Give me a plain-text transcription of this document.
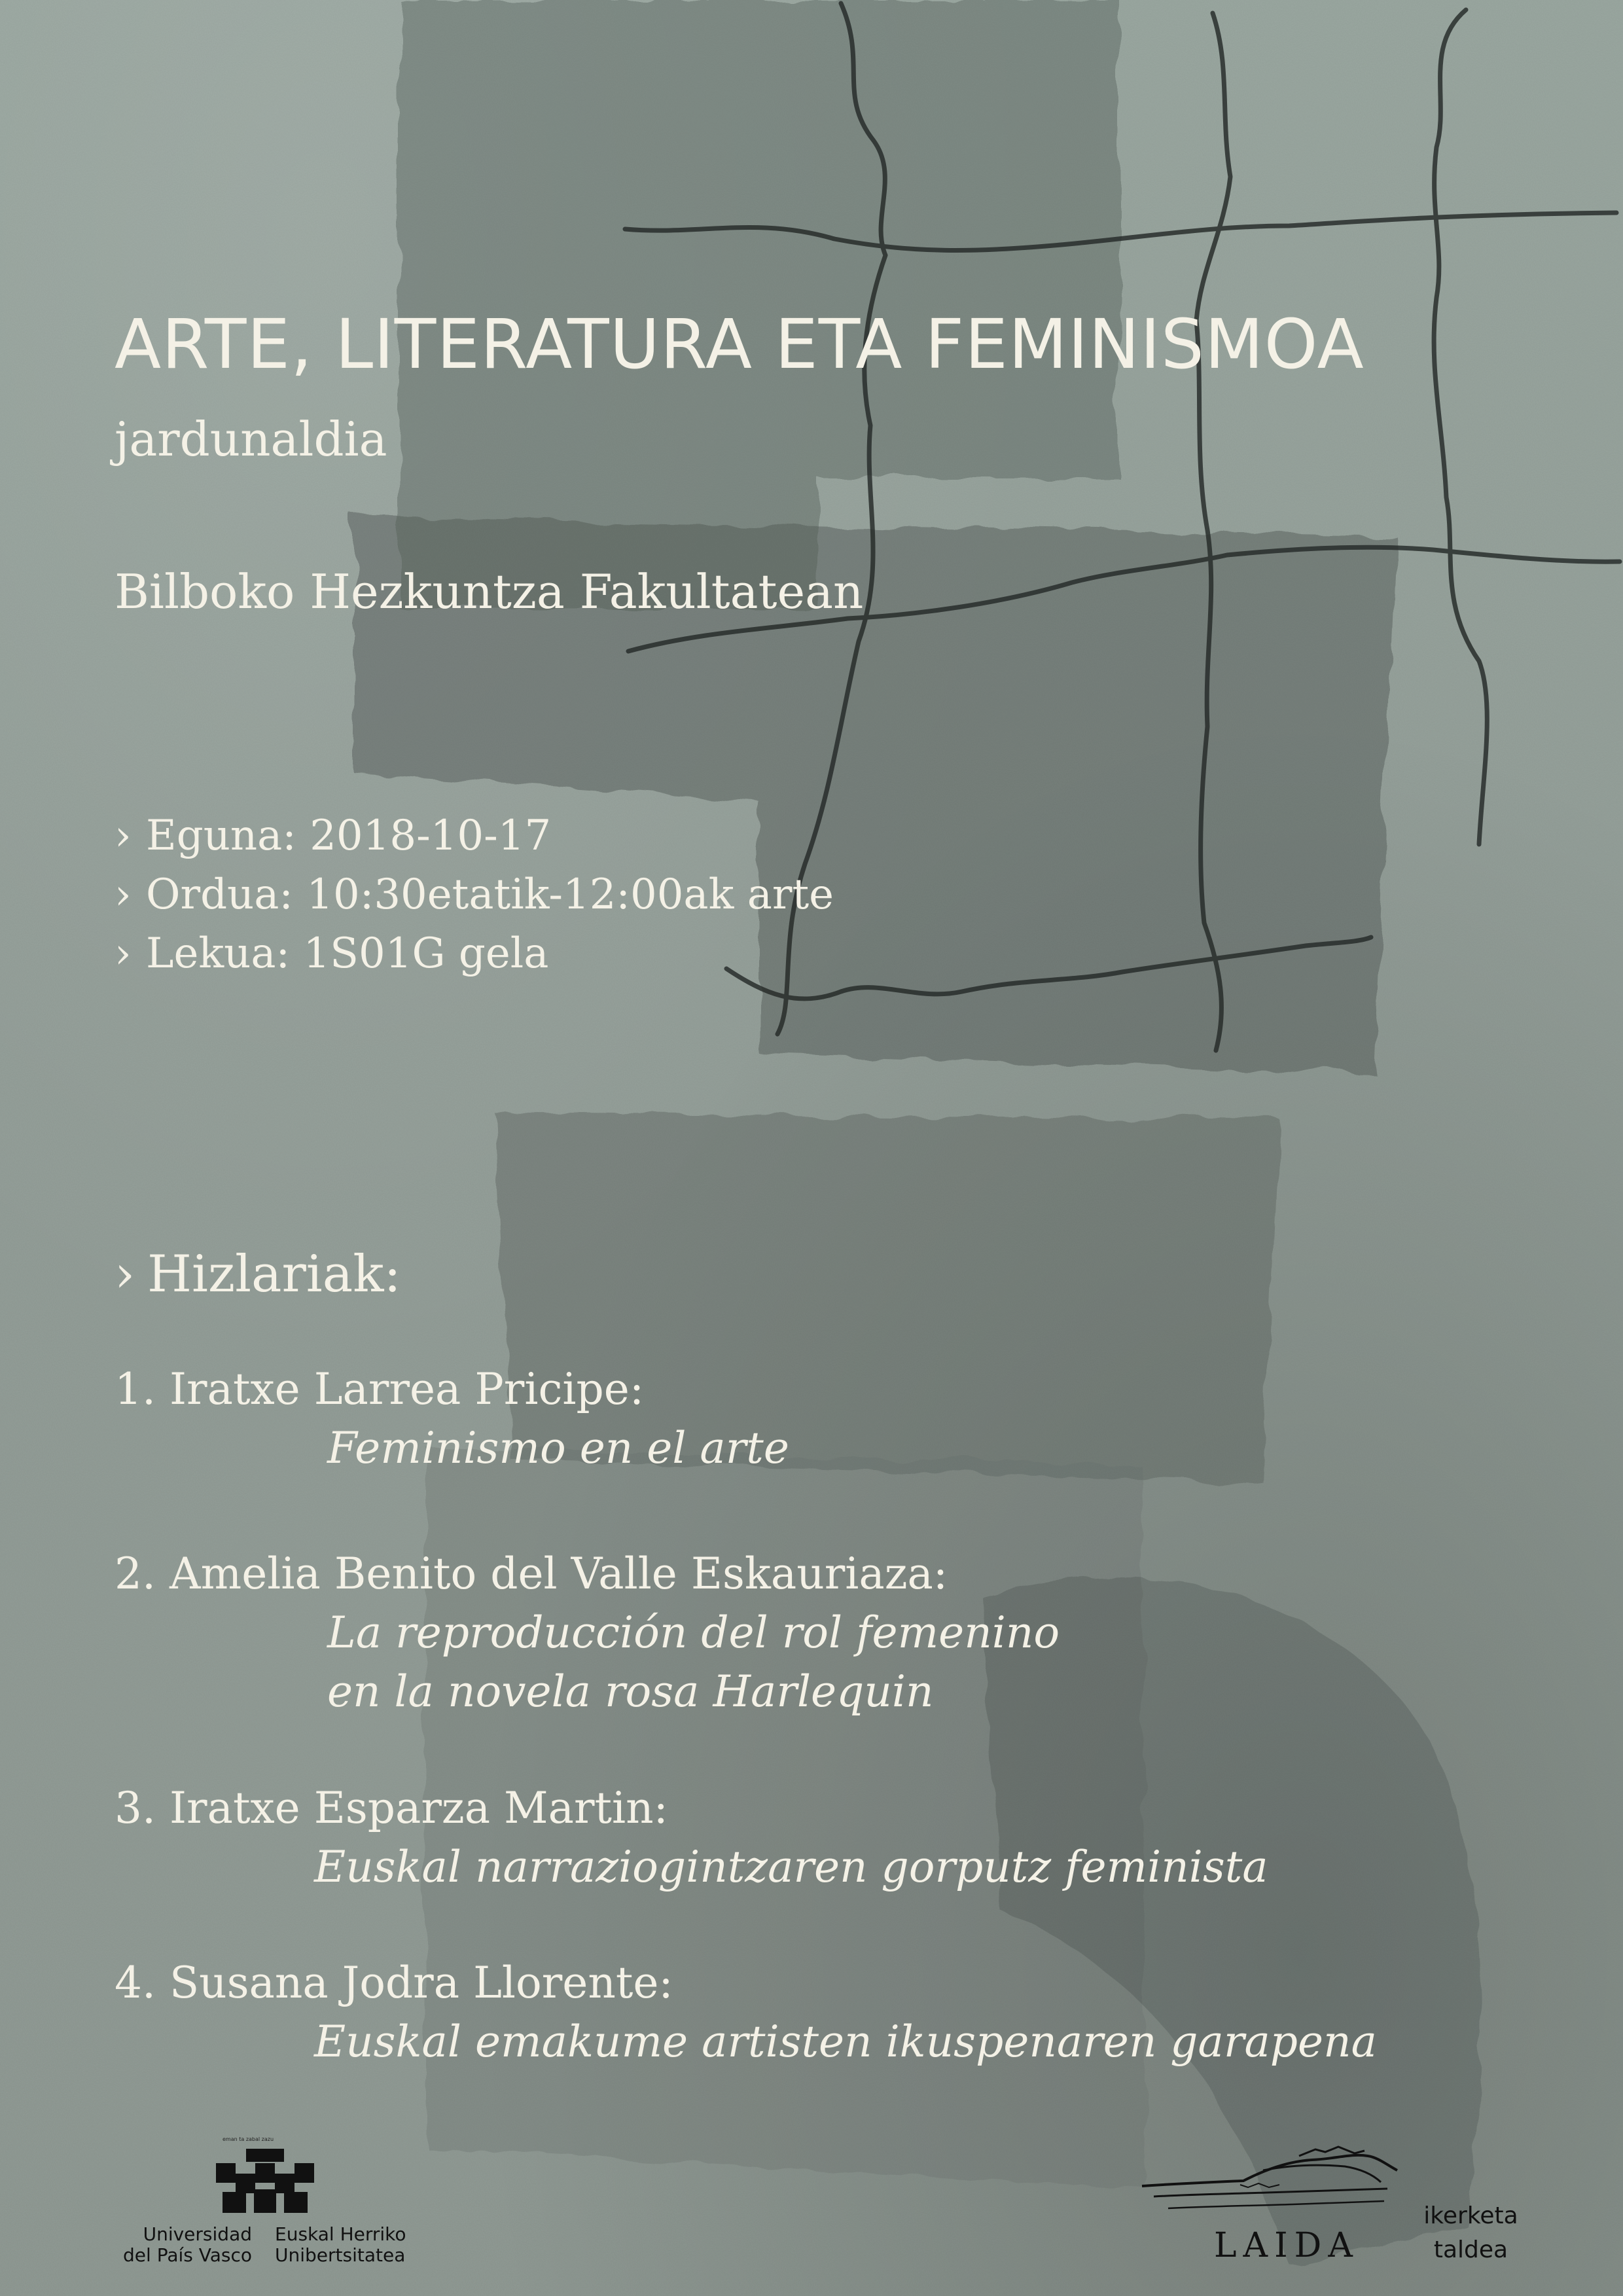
ARTE, LITERATURA ETA FEMINISMOA
jardunaldia
Bilboko Hezkuntza Fakultatean
› Eguna: 2018-10-17
› Ordua: 10:30etatik-12:00ak arte
› Lekua: 1S01G gela
› Hizlariak:
1. Iratxe Larrea Pricipe:
Feminismo en el arte
2. Amelia Benito del Valle Eskauriaza:
La reproducción del rol femenino
en la novela rosa Harlequin
3. Iratxe Esparza Martin:
Euskal narraziogintzaren gorputz feminista
4. Susana Jodra Llorente:
Euskal emakume artisten ikuspenaren garapena
eman ta zabal zazu
Universidad
del País Vasco
Euskal Herriko
Unibertsitatea	LAIDA
ikerketa
taldea
